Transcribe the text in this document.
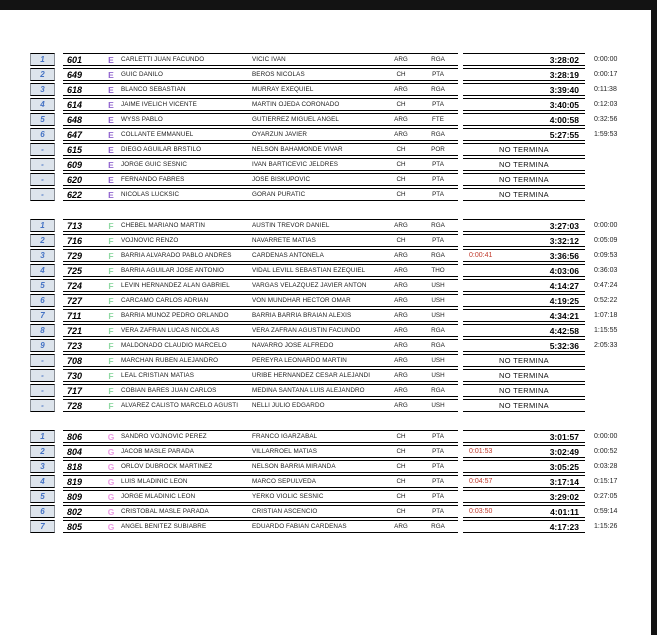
1	601	E	CARLETTI JUAN FACUNDO	VICIC IVAN	ARG	RGA	3:28:02	0:00:00
2	649	E	GUIC DANILO	BEROS NICOLAS	CH	PTA	3:28:19	0:00:17
3	618	E	BLANCO SEBASTIAN	MURRAY EXEQUIEL	ARG	RGA	3:39:40	0:11:38
4	614	E	JAIME IVELICH VICENTE	MARTIN OJEDA CORONADO	CH	PTA	3:40:05	0:12:03
5	648	E	WYSS PABLO	GUTIERREZ MIGUEL ANGEL	ARG	FTE	4:00:58	0:32:56
6	647	E	COLLANTE EMMANUEL	OYARZUN JAVIER	ARG	RGA	5:27:55	1:59:53
-	615	E	DIEGO AGUILAR BRSTILO	NELSON BAHAMONDE VIVAR	CH	POR	NO TERMINA
-	609	E	JORGE GUIC SESNIC	IVAN BARTICEVIC JELDRES	CH	PTA	NO TERMINA
-	620	E	FERNANDO FABRES	JOSE BISKUPOVIC	CH	PTA	NO TERMINA
-	622	E	NICOLAS LUCKSIC	GORAN PURATIC	CH	PTA	NO TERMINA
1	713	F	CHEBEL MARIANO MARTIN	AUSTIN TREVOR DANIEL	ARG	RGA	3:27:03	0:00:00
2	716	F	VOJNOVIC RENZO	NAVARRETE MATIAS	CH	PTA	3:32:12	0:05:09
3	729	F	BARRIA ALVARADO PABLO ANDRES	CARDENAS ANTONELA	ARG	RGA	0:00:41	3:36:56	0:09:53
4	725	F	BARRIA AGUILAR JOSE ANTONIO	VIDAL LEVILL SEBASTIAN EZEQUIEL	ARG	THO	4:03:06	0:36:03
5	724	F	LEVIN HERNANDEZ ALAN GABRIEL	VARGAS VELAZQUEZ JAVIER ANTON	ARG	USH	4:14:27	0:47:24
6	727	F	CARCAMO CARLOS ADRIAN	VON MUNDHAR HECTOR OMAR	ARG	USH	4:19:25	0:52:22
7	711	F	BARRIA MUÑOZ PEDRO ORLANDO	BARRIA BARRIA BRAIAN ALEXIS	ARG	USH	4:34:21	1:07:18
8	721	F	VERA ZAFRAN LUCAS NICOLAS	VERA ZAFRAN AGUSTIN FACUNDO	ARG	RGA	4:42:58	1:15:55
9	723	F	MALDONADO CLAUDIO MARCELO	NAVARRO JOSE ALFREDO	ARG	RGA	5:32:36	2:05:33
-	708	F	MARCHAN RUBEN ALEJANDRO	PEREYRA LEONARDO MARTIN	ARG	USH	NO TERMINA
-	730	F	LEAL CRISTIAN MATIAS	URIBE HERNANDEZ CESAR ALEJANDI	ARG	USH	NO TERMINA
-	717	F	COBIAN BARES JUAN CARLOS	MEDINA SANTANA LUIS ALEJANDRO	ARG	RGA	NO TERMINA
-	728	F	ALVAREZ CALISTO MARCELO AGUSTI	NELLI JULIO EDGARDO	ARG	USH	NO TERMINA
1	806	G	SANDRO VOJNOVIC PEREZ	FRANCO IGARZABAL	CH	PTA	3:01:57	0:00:00
2	804	G	JACOB MASLE PARADA	VILLARROEL MATIAS	CH	PTA	0:01:53	3:02:49	0:00:52
3	818	G	ORLOV DUBROCK MARTINEZ	NELSON BARRIA MIRANDA	CH	PTA	3:05:25	0:03:28
4	819	G	LUIS MLADINIC LEON	MARCO SEPULVEDA	CH	PTA	0:04:57	3:17:14	0:15:17
5	809	G	JORGE MLADINIC LEON	YERKO VIOLIC SESNIC	CH	PTA	3:29:02	0:27:05
6	802	G	CRISTOBAL MASLE PARADA	CRISTIAN ASCENCIO	CH	PTA	0:03:50	4:01:11	0:59:14
7	805	G	ANGEL BENITEZ SUBIABRE	EDUARDO FABIAN CARDENAS	ARG	RGA	4:17:23	1:15:26
